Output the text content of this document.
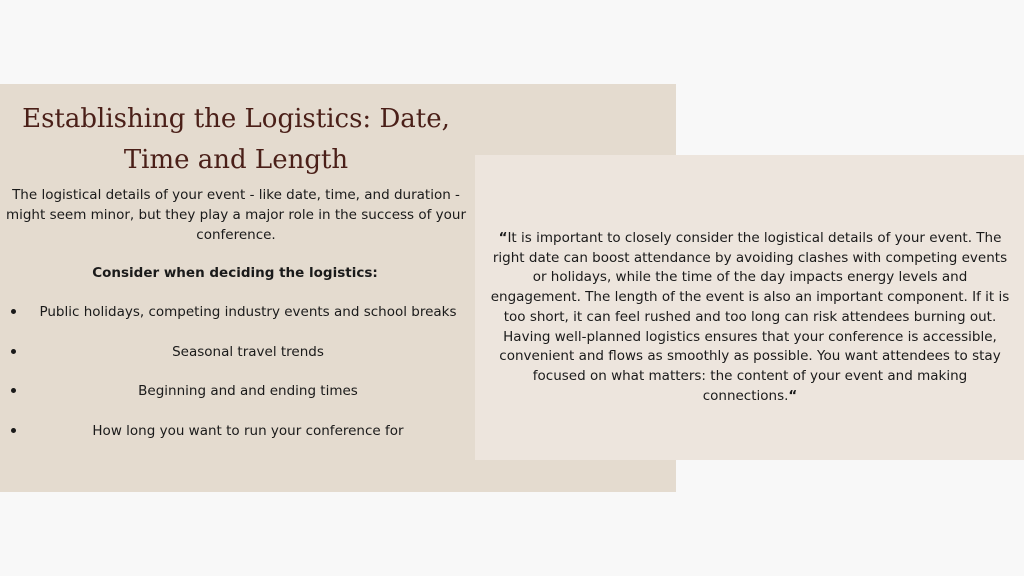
Establishing the Logistics: Date, Time and Length

The logistical details of your event - like date, time, and duration - might seem minor, but they play a major role in the success of your conference.

Consider when deciding the logistics:

Public holidays, competing industry events and school breaks
Seasonal travel trends
Beginning and and ending times
How long you want to run your conference for

“It is important to closely consider the logistical details of your event. The right date can boost attendance by avoiding clashes with competing events or holidays, while the time of the day impacts energy levels and engagement. The length of the event is also an important component. If it is too short, it can feel rushed and too long can risk attendees burning out. Having well-planned logistics ensures that your conference is accessible, convenient and flows as smoothly as possible. You want attendees to stay focused on what matters: the content of your event and making connections.“
